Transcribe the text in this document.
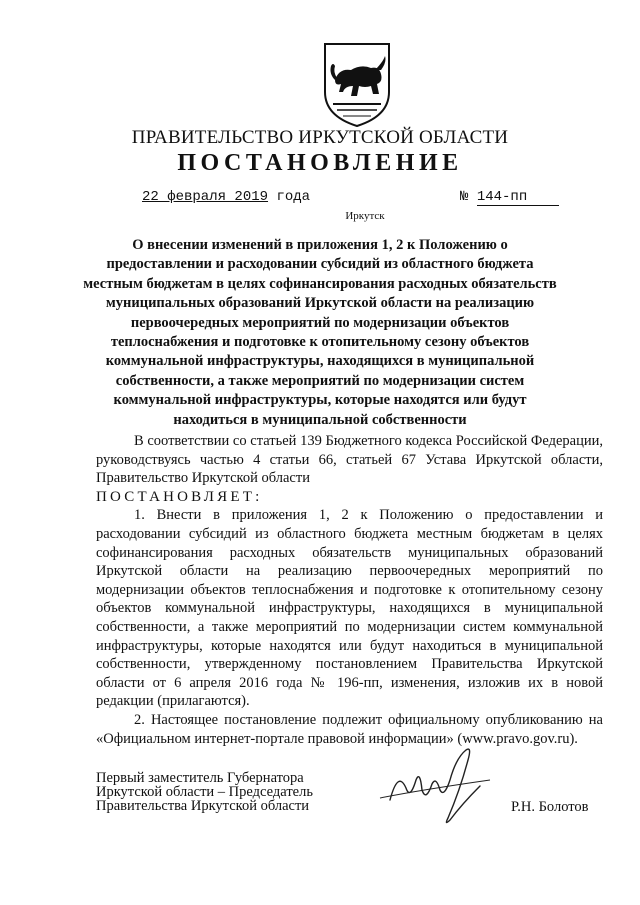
ПРАВИТЕЛЬСТВО ИРКУТСКОЙ ОБЛАСТИ
ПОСТАНОВЛЕНИЕ
22 февраля 2019 года	№ 144-пп
Иркутск
О внесении изменений в приложения 1, 2 к Положению о
предоставлении и расходовании субсидий из областного бюджета
местным бюджетам в целях софинансирования расходных обязательств
муниципальных образований Иркутской области на реализацию
первоочередных мероприятий по модернизации объектов
теплоснабжения и подготовке к отопительному сезону объектов
коммунальной инфраструктуры, находящихся в муниципальной
собственности, а также мероприятий по модернизации систем
коммунальной инфраструктуры, которые находятся или будут
находиться в муниципальной собственности

В соответствии со статьей 139 Бюджетного кодекса Российской Федерации, руководствуясь частью 4 статьи 66, статьей 67 Устава Иркутской области, Правительство Иркутской области

ПОСТАНОВЛЯЕТ:

1. Внести в приложения 1, 2 к Положению о предоставлении и расходовании субсидий из областного бюджета местным бюджетам в целях софинансирования расходных обязательств муниципальных образований Иркутской области на реализацию первоочередных мероприятий по модернизации объектов теплоснабжения и подготовке к отопительному сезону объектов коммунальной инфраструктуры, находящихся в муниципальной собственности, а также мероприятий по модернизации систем коммунальной инфраструктуры, которые находятся или будут находиться в муниципальной собственности, утвержденному постановлением Правительства Иркутской области от 6 апреля 2016 года № 196-пп, изменения, изложив их в новой редакции (прилагаются).

2. Настоящее постановление подлежит официальному опубликованию на «Официальном интернет-портале правовой информации» (www.pravo.gov.ru).

Первый заместитель Губернатора
Иркутской области – Председатель
Правительства Иркутской области	Р.Н. Болотов
